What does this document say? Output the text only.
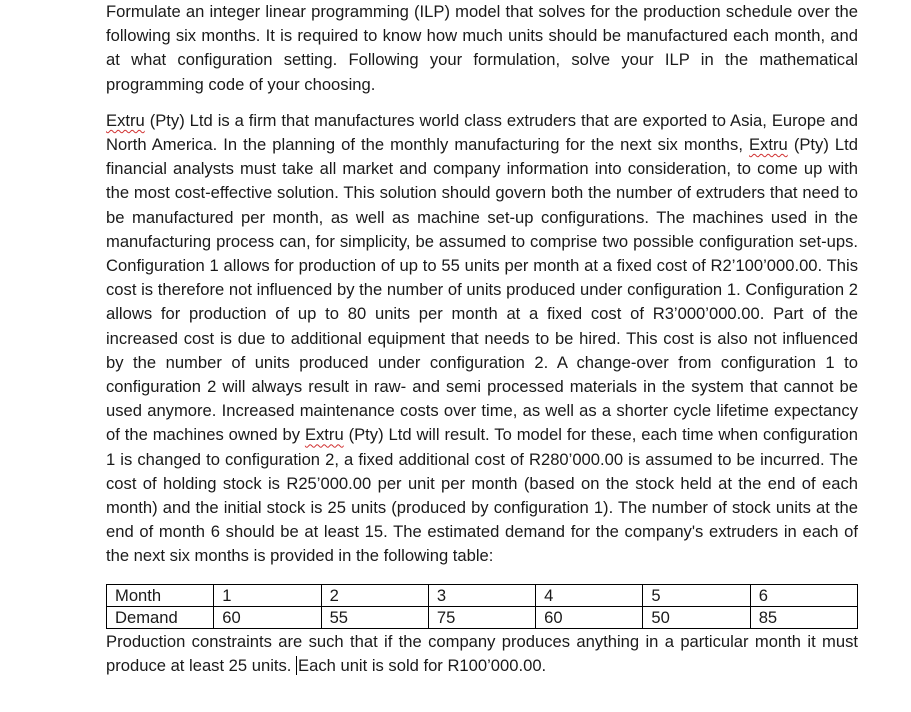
Formulate an integer linear programming (ILP) model that solves for the production schedule over the following six months. It is required to know how much units should be manufactured each month, and at what configuration setting. Following your formulation, solve your ILP in the mathematical programming code of your choosing.

Extru (Pty) Ltd is a firm that manufactures world class extruders that are exported to Asia, Europe and North America. In the planning of the monthly manufacturing for the next six months, Extru (Pty) Ltd financial analysts must take all market and company information into consideration, to come up with the most cost-effective solution. This solution should govern both the number of extruders that need to be manufactured per month, as well as machine set-up configurations. The machines used in the manufacturing process can, for simplicity, be assumed to comprise two possible configuration set-ups. Configuration 1 allows for production of up to 55 units per month at a fixed cost of R2’100’000.00. This cost is therefore not influenced by the number of units produced under configuration 1. Configuration 2 allows for production of up to 80 units per month at a fixed cost of R3’000’000.00. Part of the increased cost is due to additional equipment that needs to be hired. This cost is also not influenced by the number of units produced under configuration 2. A change-over from configuration 1 to configuration 2 will always result in raw- and semi processed materials in the system that cannot be used anymore. Increased maintenance costs over time, as well as a shorter cycle lifetime expectancy of the machines owned by Extru (Pty) Ltd will result. To model for these, each time when configuration 1 is changed to configuration 2, a fixed additional cost of R280’000.00 is assumed to be incurred. The cost of holding stock is R25’000.00 per unit per month (based on the stock held at the end of each month) and the initial stock is 25 units (produced by configuration 1). The number of stock units at the end of month 6 should be at least 15. The estimated demand for the company's extruders in each of the next six months is provided in the following table:

Month	1	2	3	4	5	6
Demand	60	55	75	60	50	85

Production constraints are such that if the company produces anything in a particular month it must produce at least 25 units. Each unit is sold for R100’000.00.
